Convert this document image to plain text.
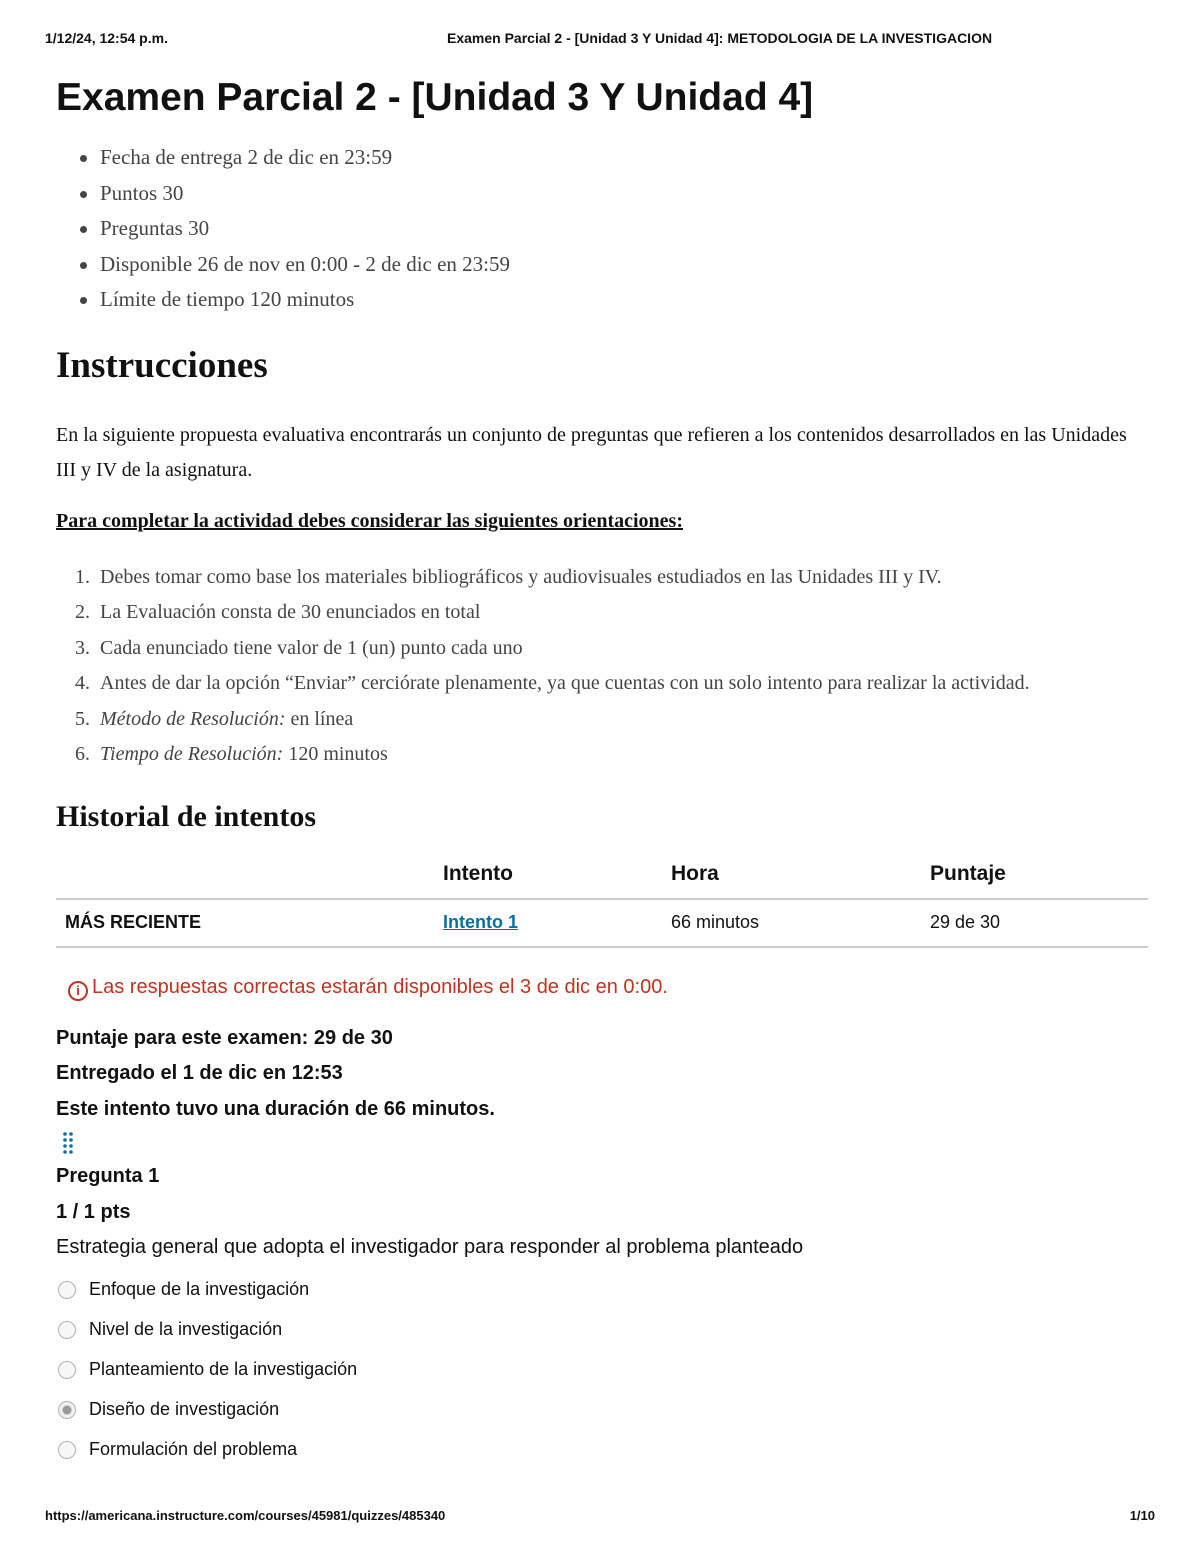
1/12/24, 12:54 p.m.	Examen Parcial 2 - [Unidad 3 Y Unidad 4]: METODOLOGIA DE LA INVESTIGACION
Examen Parcial 2 - [Unidad 3 Y Unidad 4]
Fecha de entrega 2 de dic en 23:59
Puntos 30
Preguntas 30
Disponible 26 de nov en 0:00 - 2 de dic en 23:59
Límite de tiempo 120 minutos
Instrucciones

En la siguiente propuesta evaluativa encontrarás un conjunto de preguntas que refieren a los contenidos desarrollados en las Unidades III y IV de la asignatura.

Para completar la actividad debes considerar las siguientes orientaciones:

1. Debes tomar como base los materiales bibliográficos y audiovisuales estudiados en las Unidades III y IV.
2. La Evaluación consta de 30 enunciados en total
3. Cada enunciado tiene valor de 1 (un) punto cada uno
4. Antes de dar la opción “Enviar” cerciórate plenamente, ya que cuentas con un solo intento para realizar la actividad.
5. Método de Resolución: en línea
6. Tiempo de Resolución: 120 minutos
Historial de intentos
	Intento	Hora	Puntaje
MÁS RECIENTE	Intento 1	66 minutos	29 de 30

i Las respuestas correctas estarán disponibles el 3 de dic en 0:00.

Puntaje para este examen: 29 de 30
Entregado el 1 de dic en 12:53
Este intento tuvo una duración de 66 minutos.
Pregunta 1
1 / 1 pts
Estrategia general que adopta el investigador para responder al problema planteado
Enfoque de la investigación
Nivel de la investigación
Planteamiento de la investigación
Diseño de investigación
Formulación del problema
https://americana.instructure.com/courses/45981/quizzes/485340	1/10
